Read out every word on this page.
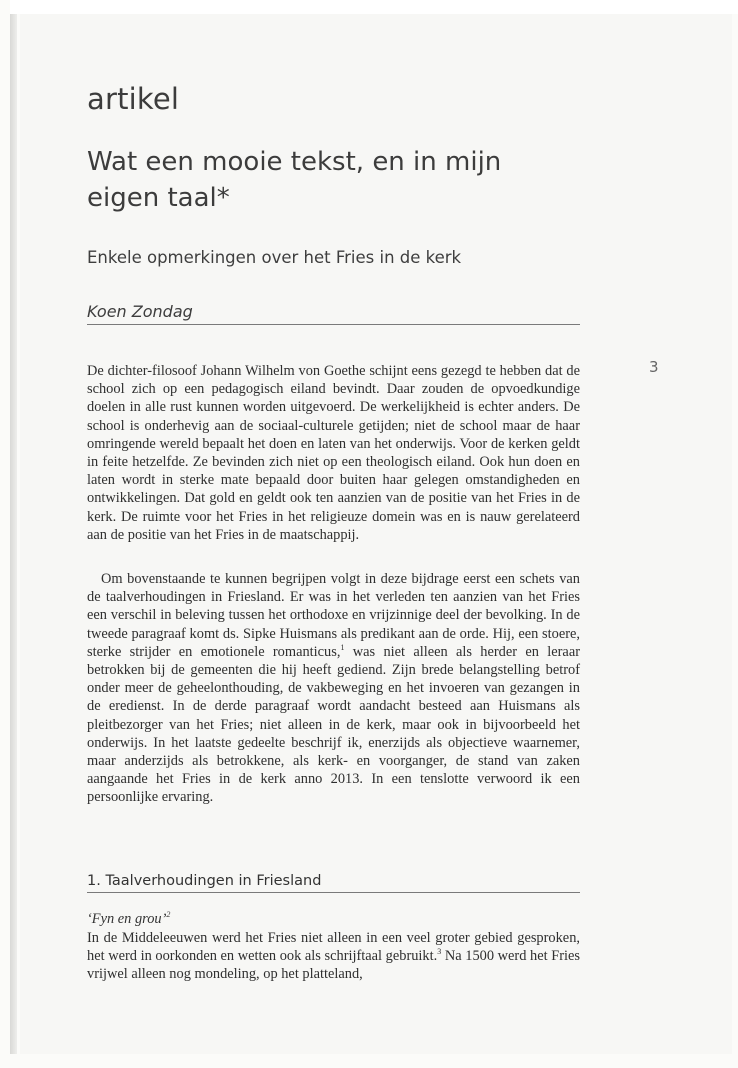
artikel
Wat een mooie tekst, en in mijn eigen taal*
Enkele opmerkingen over het Fries in de kerk
Koen Zondag
3

De dichter-filosoof Johann Wilhelm von Goethe schijnt eens gezegd te hebben dat de school zich op een pedagogisch eiland bevindt. Daar zouden de opvoedkundige doelen in alle rust kunnen worden uitgevoerd. De werkelijkheid is echter anders. De school is onderhevig aan de sociaal-culturele getijden; niet de school maar de haar omringende wereld bepaalt het doen en laten van het onderwijs. Voor de kerken geldt in feite hetzelfde. Ze bevinden zich niet op een theologisch eiland. Ook hun doen en laten wordt in sterke mate bepaald door buiten haar gelegen omstandigheden en ontwikkelingen. Dat gold en geldt ook ten aanzien van de positie van het Fries in de kerk. De ruimte voor het Fries in het religieuze domein was en is nauw gerelateerd aan de positie van het Fries in de maatschappij.

Om bovenstaande te kunnen begrijpen volgt in deze bijdrage eerst een schets van de taalverhoudingen in Friesland. Er was in het verleden ten aanzien van het Fries een verschil in beleving tussen het orthodoxe en vrijzinnige deel der bevolking. In de tweede paragraaf komt ds. Sipke Huismans als predikant aan de orde. Hij, een stoere, sterke strijder en emotionele romanticus,$^1$ was niet alleen als herder en leraar betrokken bij de gemeenten die hij heeft gediend. Zijn brede belangstelling betrof onder meer de geheelonthouding, de vakbeweging en het invoeren van gezangen in de eredienst. In de derde paragraaf wordt aandacht besteed aan Huismans als pleitbezorger van het Fries; niet alleen in de kerk, maar ook in bijvoorbeeld het onderwijs. In het laatste gedeelte beschrijf ik, enerzijds als objectieve waarnemer, maar anderzijds als betrokkene, als kerk- en voorganger, de stand van zaken aangaande het Fries in de kerk anno 2013. In een tenslotte verwoord ik een persoonlijke ervaring.

1. Taalverhoudingen in Friesland
‘Fyn en grou’$^2$

In de Middeleeuwen werd het Fries niet alleen in een veel groter gebied gesproken, het werd in oorkonden en wetten ook als schrijftaal gebruikt.$^3$ Na 1500 werd het Fries vrijwel alleen nog mondeling, op het platteland,
